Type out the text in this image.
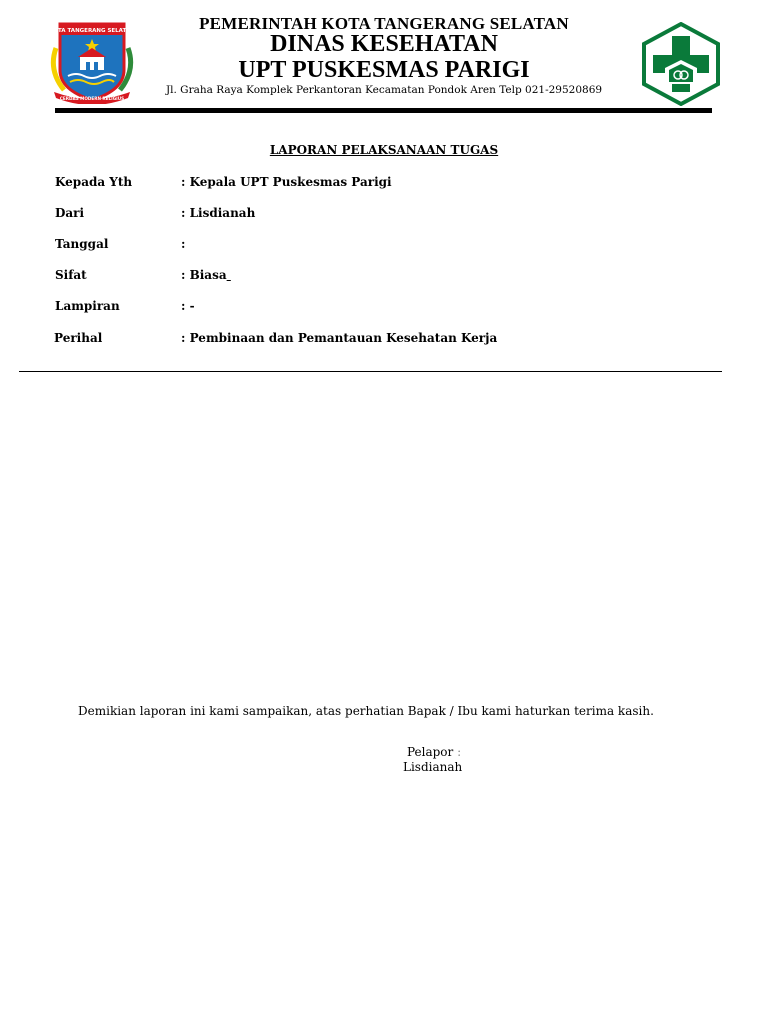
KOTA TANGERANG SELATAN
CERDAS MODERN RELIGIUS
PEMERINTAH KOTA TANGERANG SELATAN
DINAS KESEHATAN
UPT PUSKESMAS PARIGI
Jl. Graha Raya Komplek Perkantoran Kecamatan Pondok Aren Telp 021-29520869
LAPORAN PELAKSANAAN TUGAS
Kepada Yth	: Kepala UPT Puskesmas Parigi
Dari	: Lisdianah
Tanggal	:
Sifat	: Biasa
Lampiran	: -
Perihal	: Pembinaan dan Pemantauan Kesehatan Kerja
Demikian laporan ini kami sampaikan, atas perhatian Bapak / Ibu kami haturkan terima kasih.
Pelapor :
Lisdianah
